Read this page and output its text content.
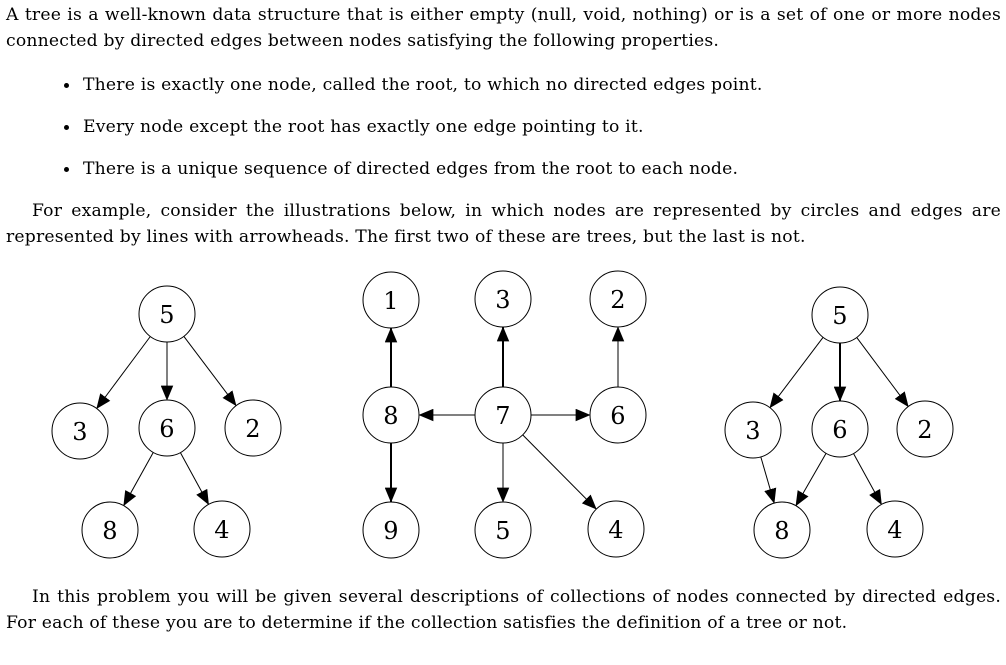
A tree is a well-known data structure that is either empty (null, void, nothing) or is a set of one or more nodes connected by directed edges between nodes satisfying the following properties.

There is exactly one node, called the root, to which no directed edges point.
Every node except the root has exactly one edge pointing to it.
There is a unique sequence of directed edges from the root to each node.

For example, consider the illustrations below, in which nodes are represented by circles and edges are represented by lines with arrowheads. The first two of these are trees, but the last is not.

5
3	6	2
8	4
1	3	2
8	7	6
9	5	4
5
3	6	2
8	4

In this problem you will be given several descriptions of collections of nodes connected by directed edges. For each of these you are to determine if the collection satisfies the definition of a tree or not.
